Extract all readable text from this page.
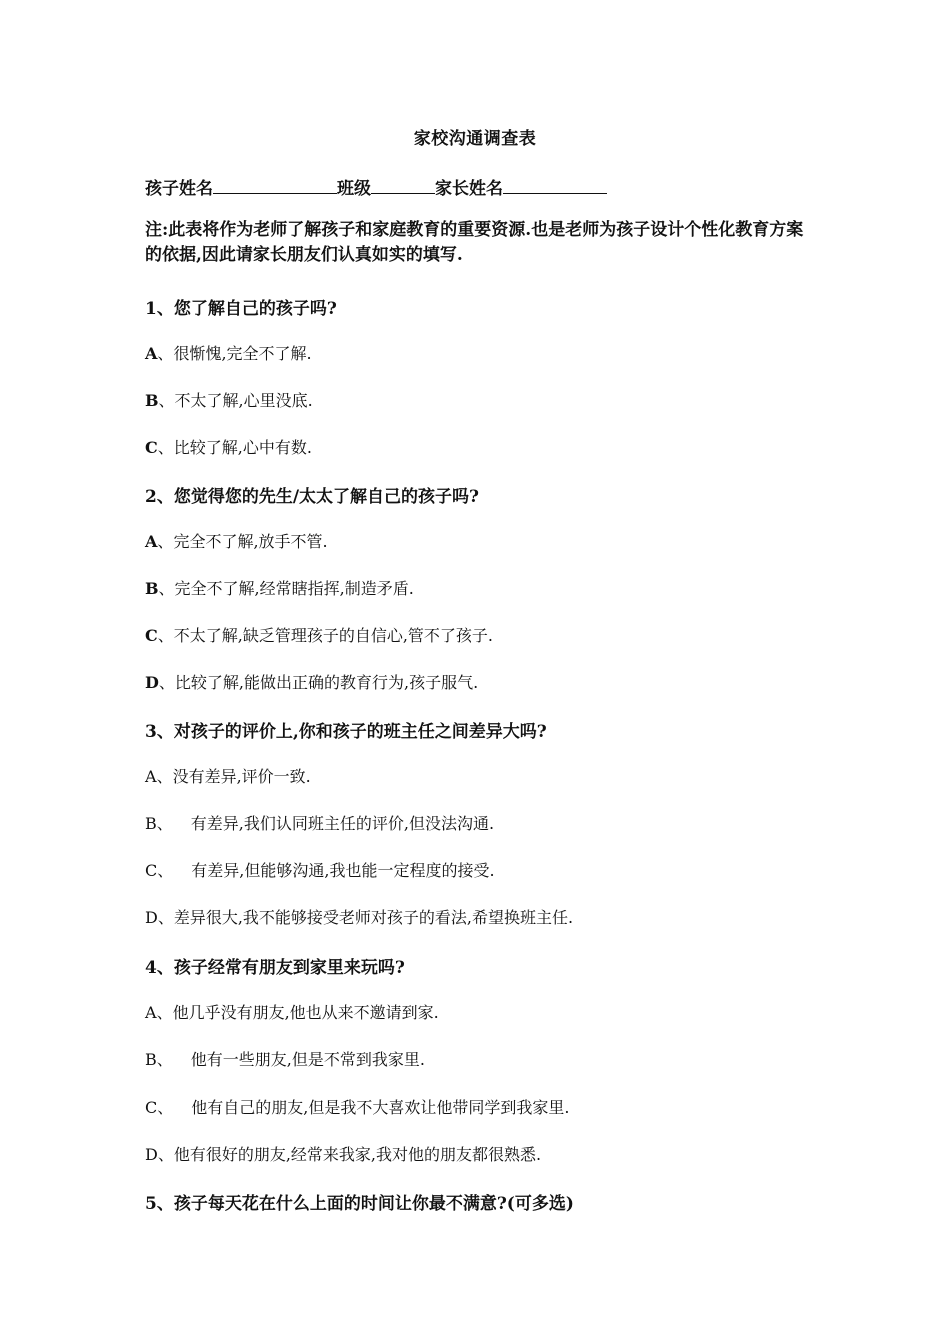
家校沟通调查表
孩子姓名	班级	家长姓名
注:此表将作为老师了解孩子和家庭教育的重要资源.也是老师为孩子设计个性化教育方案的依据,因此请家长朋友们认真如实的填写.
1、您了解自己的孩子吗?
A、很惭愧,完全不了解.
B、不太了解,心里没底.
C、比较了解,心中有数.
2、您觉得您的先生/太太了解自己的孩子吗?
A、完全不了解,放手不管.
B、完全不了解,经常瞎指挥,制造矛盾.
C、不太了解,缺乏管理孩子的自信心,管不了孩子.
D、比较了解,能做出正确的教育行为,孩子服气.
3、对孩子的评价上,你和孩子的班主任之间差异大吗?
A、没有差异,评价一致.
B、 有差异,我们认同班主任的评价,但没法沟通.
C、 有差异,但能够沟通,我也能一定程度的接受.
D、差异很大,我不能够接受老师对孩子的看法,希望换班主任.
4、孩子经常有朋友到家里来玩吗?
A、他几乎没有朋友,他也从来不邀请到家.
B、 他有一些朋友,但是不常到我家里.
C、 他有自己的朋友,但是我不大喜欢让他带同学到我家里.
D、他有很好的朋友,经常来我家,我对他的朋友都很熟悉.
5、孩子每天花在什么上面的时间让你最不满意?(可多选)
